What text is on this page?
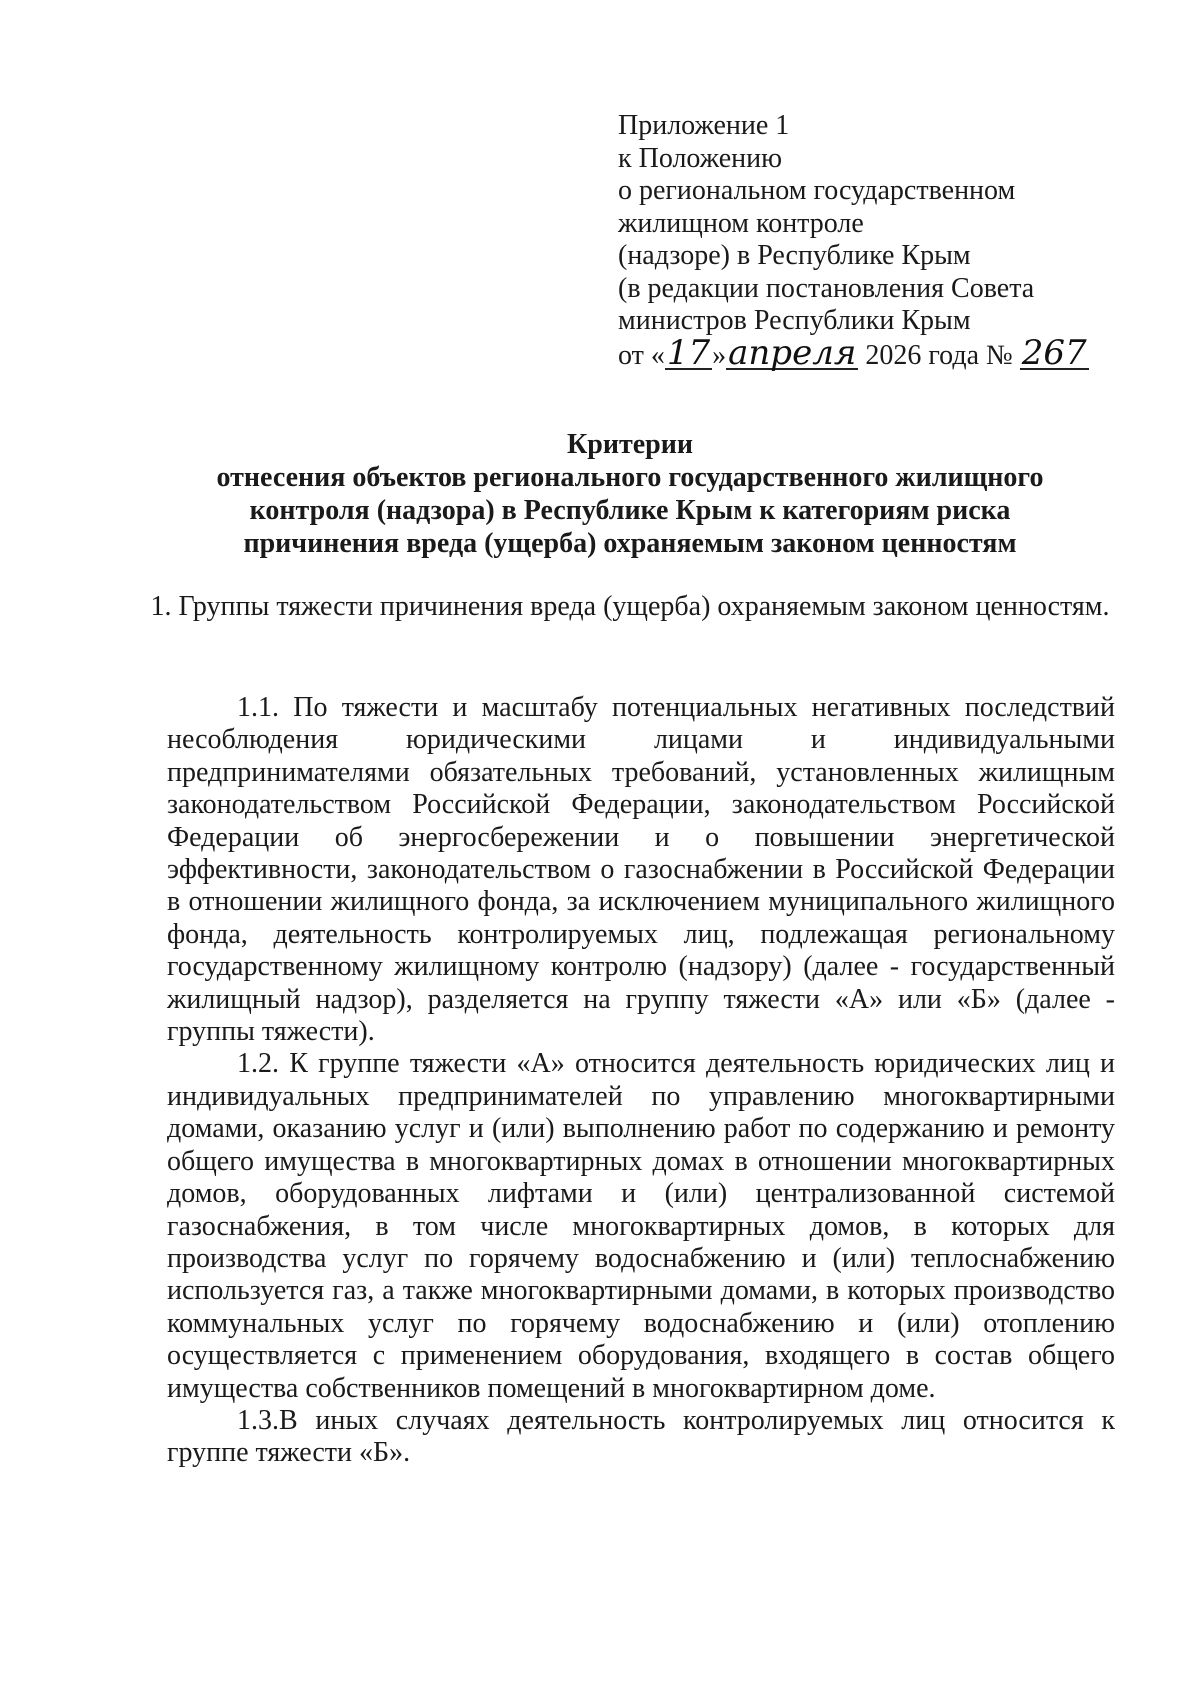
Приложение 1
к Положению
о региональном государственном
жилищном контроле
(надзоре) в Республике Крым
(в редакции постановления Совета
министров Республики Крым
от «17»апреля 2026 года № 267
Критерии
отнесения объектов регионального государственного жилищного
контроля (надзора) в Республике Крым к категориям риска
причинения вреда (ущерба) охраняемым законом ценностям
1. Группы тяжести причинения вреда (ущерба) охраняемым законом ценностям.

1.1. По тяжести и масштабу потенциальных негативных последствий несоблюдения юридическими лицами и индивидуальными предпринимателями обязательных требований, установленных жилищным законодательством Российской Федерации, законодательством Российской Федерации об энергосбережении и о повышении энергетической эффективности, законодательством о газоснабжении в Российской Федерации в отношении жилищного фонда, за исключением муниципального жилищного фонда, деятельность контролируемых лиц, подлежащая региональному государственному жилищному контролю (надзору) (далее - государственный жилищный надзор), разделяется на группу тяжести «А» или «Б» (далее - группы тяжести).

1.2. К группе тяжести «А» относится деятельность юридических лиц и индивидуальных предпринимателей по управлению многоквартирными домами, оказанию услуг и (или) выполнению работ по содержанию и ремонту общего имущества в многоквартирных домах в отношении многоквартирных домов, оборудованных лифтами и (или) централизованной системой газоснабжения, в том числе многоквартирных домов, в которых для производства услуг по горячему водоснабжению и (или) теплоснабжению используется газ, а также многоквартирными домами, в которых производство коммунальных услуг по горячему водоснабжению и (или) отоплению осуществляется с применением оборудования, входящего в состав общего имущества собственников помещений в многоквартирном доме.

1.3.В иных случаях деятельность контролируемых лиц относится к группе тяжести «Б».
